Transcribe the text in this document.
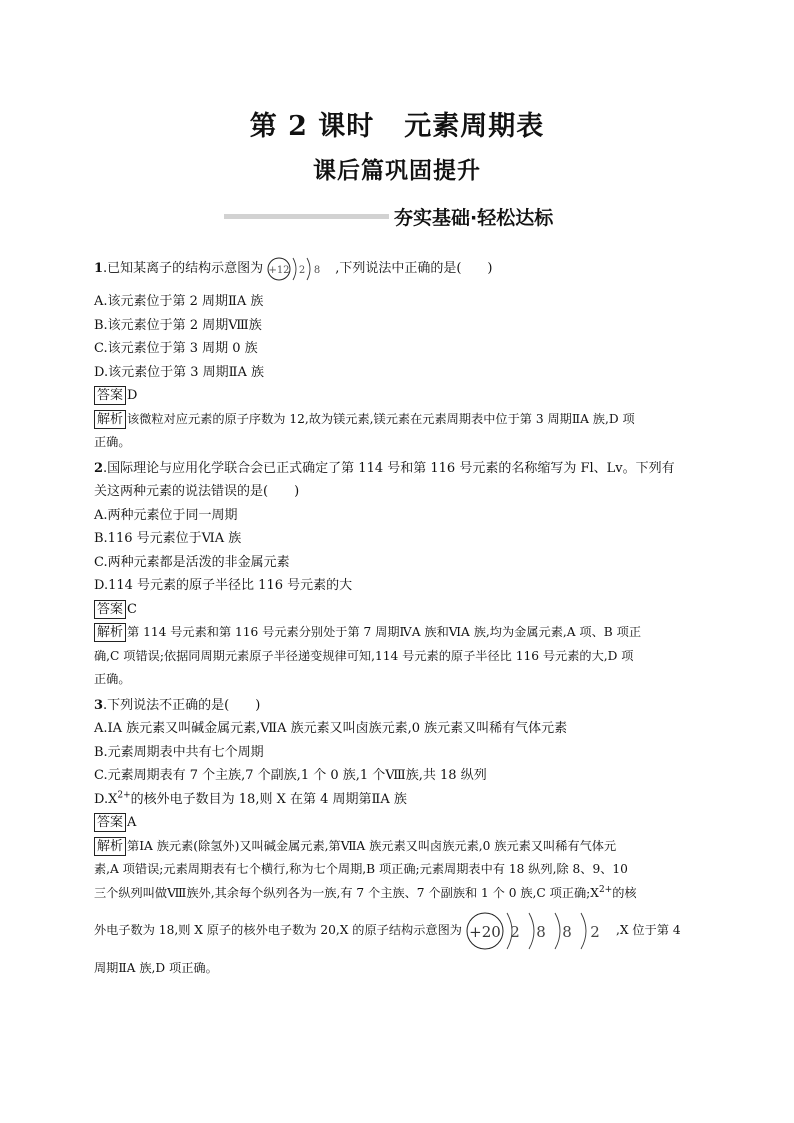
第 2 课时 元素周期表
课后篇巩固提升
夯实基础·轻松达标
1 .已知某离子的结构示意图为 +12 2 8 ,下列说法中正确的是(　　)

A.该元素位于第 2 周期ⅡA 族

B.该元素位于第 2 周期Ⅷ族

C.该元素位于第 3 周期 0 族

D.该元素位于第 3 周期ⅡA 族

答案 D

解析 该微粒对应元素的原子序数为 12,故为镁元素,镁元素在元素周期表中位于第 3 周期ⅡA 族,D 项
正确。

2.国际理论与应用化学联合会已正式确定了第 114 号和第 116 号元素的名称缩写为 Fl、Lv。下列有
关这两种元素的说法错误的是(　　)

A.两种元素位于同一周期

B.116 号元素位于ⅥA 族

C.两种元素都是活泼的非金属元素

D.114 号元素的原子半径比 116 号元素的大

答案 C

解析 第 114 号元素和第 116 号元素分别处于第 7 周期ⅣA 族和ⅥA 族,均为金属元素,A 项、B 项正
确,C 项错误;依据同周期元素原子半径递变规律可知,114 号元素的原子半径比 116 号元素的大,D 项
正确。

3.下列说法不正确的是(　　)

A.ⅠA 族元素又叫碱金属元素,ⅦA 族元素又叫卤族元素,0 族元素又叫稀有气体元素

B.元素周期表中共有七个周期

C.元素周期表有 7 个主族,7 个副族,1 个 0 族,1 个Ⅷ族,共 18 纵列

$D.X^{2+}$的核外电子数目为 18,则 X 在第 4 周期第ⅡA 族

答案 A

解析 第ⅠA 族元素(除氢外)又叫碱金属元素,第ⅦA 族元素又叫卤族元素,0 族元素又叫稀有气体元
素,A 项错误;元素周期表有七个横行,称为七个周期,B 项正确;元素周期表中有 18 纵列,除 8、9、10
三个纵列叫做Ⅷ族外,其余每个纵列各为一族,有 7 个主族、7 个副族和 1 个 0 族,C 项正确$;X^{2+}$的核

外电子数为 18,则 X 原子的核外电子数为 20,X 的原子结构示意图为 +20 2 8 8 2 ,X 位于第 4

周期ⅡA 族,D 项正确。
